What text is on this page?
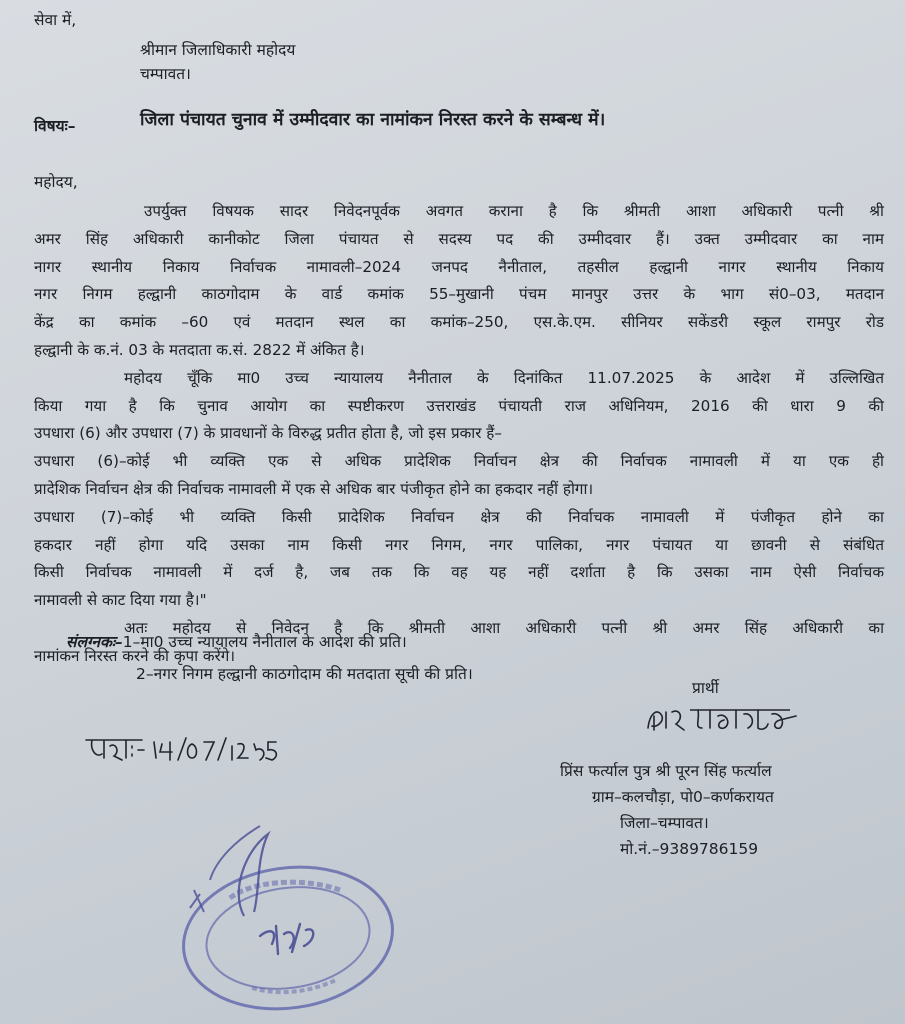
सेवा में,
श्रीमान जिलाधिकारी महोदय
चम्पावत।
विषयः–	जिला पंचायत चुनाव में उम्मीदवार का नामांकन निरस्त करने के सम्बन्ध में।
महोदय,
उपर्युक्त विषयक सादर निवेदनपूर्वक अवगत कराना है कि श्रीमती आशा अधिकारी पत्नी श्री
अमर सिंह अधिकारी कानीकोट जिला पंचायत से सदस्य पद की उम्मीदवार हैं। उक्त उम्मीदवार का नाम
नागर स्थानीय निकाय निर्वाचक नामावली–2024 जनपद नैनीताल, तहसील हल्द्वानी नागर स्थानीय निकाय
नगर निगम हल्द्वानी काठगोदाम के वार्ड कमांक 55–मुखानी पंचम मानपुर उत्तर के भाग सं0–03, मतदान
केंद्र का कमांक –60 एवं मतदान स्थल का कमांक–250, एस.के.एम. सीनियर सकेंडरी स्कूल रामपुर रोड
हल्द्वानी के क.नं. 03 के मतदाता क.सं. 2822 में अंकित है।
महोदय चूँकि मा0 उच्च न्यायालय नैनीताल के दिनांकित 11.07.2025 के आदेश में उल्लिखित
किया गया है कि चुनाव आयोग का स्पष्टीकरण उत्तराखंड पंचायती राज अधिनियम, 2016 की धारा 9 की
उपधारा (6) और उपधारा (7) के प्रावधानों के विरुद्ध प्रतीत होता है, जो इस प्रकार हैं–
उपधारा (6)–कोई भी व्यक्ति एक से अधिक प्रादेशिक निर्वाचन क्षेत्र की निर्वाचक नामावली में या एक ही
प्रादेशिक निर्वाचन क्षेत्र की निर्वाचक नामावली में एक से अधिक बार पंजीकृत होने का हकदार नहीं होगा।
उपधारा (7)–कोई भी व्यक्ति किसी प्रादेशिक निर्वाचन क्षेत्र की निर्वाचक नामावली में पंजीकृत होने का
हकदार नहीं होगा यदि उसका नाम किसी नगर निगम, नगर पालिका, नगर पंचायत या छावनी से संबंधित
किसी निर्वाचक नामावली में दर्ज है, जब तक कि वह यह नहीं दर्शाता है कि उसका नाम ऐसी निर्वाचक
नामावली से काट दिया गया है।"
अतः महोदय से निवेदन है कि श्रीमती आशा अधिकारी पत्नी श्री अमर सिंह अधिकारी का
नामांकन निरस्त करने की कृपा करेंगे।
संलग्नकः–1–मा0 उच्च न्यायालय नैनीताल के आदेश की प्रति।
2–नगर निगम हल्द्वानी काठगोदाम की मतदाता सूची की प्रति।
प्रार्थी
प्रिंस फर्त्याल पुत्र श्री पूरन सिंह फर्त्याल
ग्राम–कलचौड़ा, पो0–कर्णकरायत
जिला–चम्पावत।
मो.नं.–9389786159
